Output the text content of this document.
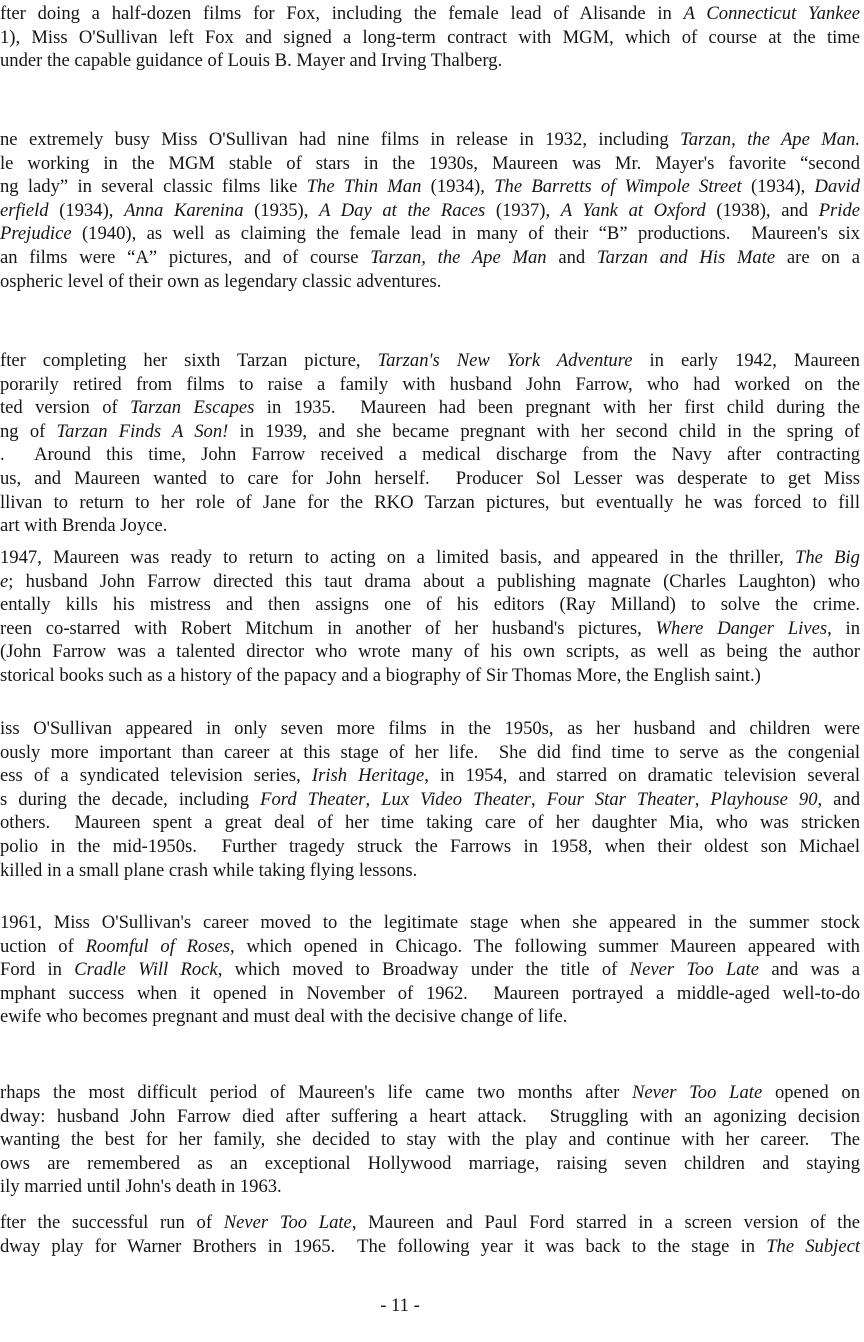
fter doing a half-dozen films for Fox, including the female lead of Alisande in A Connecticut Yankee
1), Miss O'Sullivan left Fox and signed a long-term contract with MGM, which of course at the time
under the capable guidance of Louis B. Mayer and Irving Thalberg.
ne extremely busy Miss O'Sullivan had nine films in release in 1932, including Tarzan, the Ape Man.
le working in the MGM stable of stars in the 1930s, Maureen was Mr. Mayer's favorite “second
ng lady” in several classic films like The Thin Man (1934), The Barretts of Wimpole Street (1934), David
erfield (1934), Anna Karenina (1935), A Day at the Races (1937), A Yank at Oxford (1938), and Pride
Prejudice (1940), as well as claiming the female lead in many of their “B” productions.  Maureen's six
an films were “A” pictures, and of course Tarzan, the Ape Man and Tarzan and His Mate are on a
ospheric level of their own as legendary classic adventures.
fter completing her sixth Tarzan picture, Tarzan's New York Adventure in early 1942, Maureen
porarily retired from films to raise a family with husband John Farrow, who had worked on the
ted version of Tarzan Escapes in 1935.  Maureen had been pregnant with her first child during the
ng of Tarzan Finds A Son! in 1939, and she became pregnant with her second child in the spring of
.  Around this time, John Farrow received a medical discharge from the Navy after contracting
us, and Maureen wanted to care for John herself.  Producer Sol Lesser was desperate to get Miss
llivan to return to her role of Jane for the RKO Tarzan pictures, but eventually he was forced to fill
art with Brenda Joyce.
1947, Maureen was ready to return to acting on a limited basis, and appeared in the thriller, The Big
e; husband John Farrow directed this taut drama about a publishing magnate (Charles Laughton) who
entally kills his mistress and then assigns one of his editors (Ray Milland) to solve the crime.
reen co-starred with Robert Mitchum in another of her husband's pictures, Where Danger Lives, in
(John Farrow was a talented director who wrote many of his own scripts, as well as being the author
storical books such as a history of the papacy and a biography of Sir Thomas More, the English saint.)
iss O'Sullivan appeared in only seven more films in the 1950s, as her husband and children were
ously more important than career at this stage of her life.  She did find time to serve as the congenial
ess of a syndicated television series, Irish Heritage, in 1954, and starred on dramatic television several
s during the decade, including Ford Theater, Lux Video Theater, Four Star Theater, Playhouse 90, and
others.  Maureen spent a great deal of her time taking care of her daughter Mia, who was stricken
polio in the mid-1950s.  Further tragedy struck the Farrows in 1958, when their oldest son Michael
killed in a small plane crash while taking flying lessons.
1961, Miss O'Sullivan's career moved to the legitimate stage when she appeared in the summer stock
uction of Roomful of Roses, which opened in Chicago. The following summer Maureen appeared with
Ford in Cradle Will Rock, which moved to Broadway under the title of Never Too Late and was a
mphant success when it opened in November of 1962.  Maureen portrayed a middle-aged well-to-do
ewife who becomes pregnant and must deal with the decisive change of life.
rhaps the most difficult period of Maureen's life came two months after Never Too Late opened on
dway: husband John Farrow died after suffering a heart attack.  Struggling with an agonizing decision
wanting the best for her family, she decided to stay with the play and continue with her career.  The
ows are remembered as an exceptional Hollywood marriage, raising seven children and staying
ily married until John's death in 1963.
fter the successful run of Never Too Late, Maureen and Paul Ford starred in a screen version of the
dway play for Warner Brothers in 1965.  The following year it was back to the stage in The Subject
- 11 -
